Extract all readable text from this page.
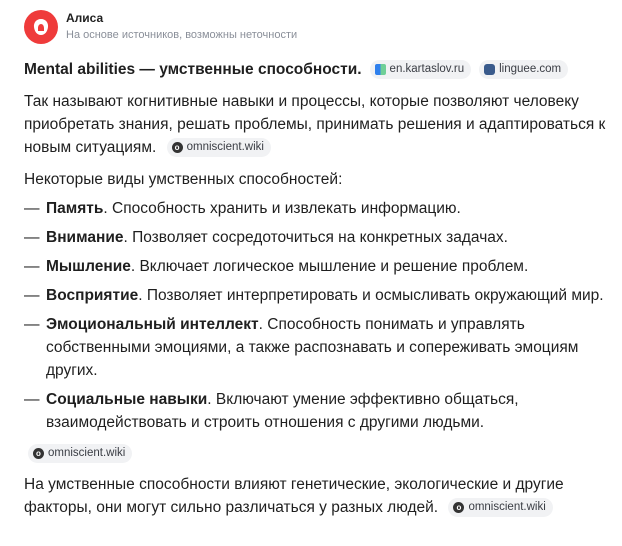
Алиса
На основе источников, возможны неточности
Mental abilities — умственные способности . en.kartaslov.ru	linguee.com

Так называют когнитивные навыки и процессы, которые позволяют человеку приобретать знания, решать проблемы, принимать решения и адаптироваться к новым ситуациям.	o omniscient.wiki

Некоторые виды умственных способностей:

— Память. Способность хранить и извлекать информацию.
— Внимание. Позволяет сосредоточиться на конкретных задачах.
— Мышление. Включает логическое мышление и решение проблем.
— Восприятие. Позволяет интерпретировать и осмысливать окружающий мир.
— Эмоциональный интеллект. Способность понимать и управлять собственными эмоциями, а также распознавать и сопереживать эмоциям других.
— Социальные навыки. Включают умение эффективно общаться, взаимодействовать и строить отношения с другими людьми.
o omniscient.wiki

На умственные способности влияют генетические, экологические и другие факторы, они могут сильно различаться у разных людей.	o omniscient.wiki
